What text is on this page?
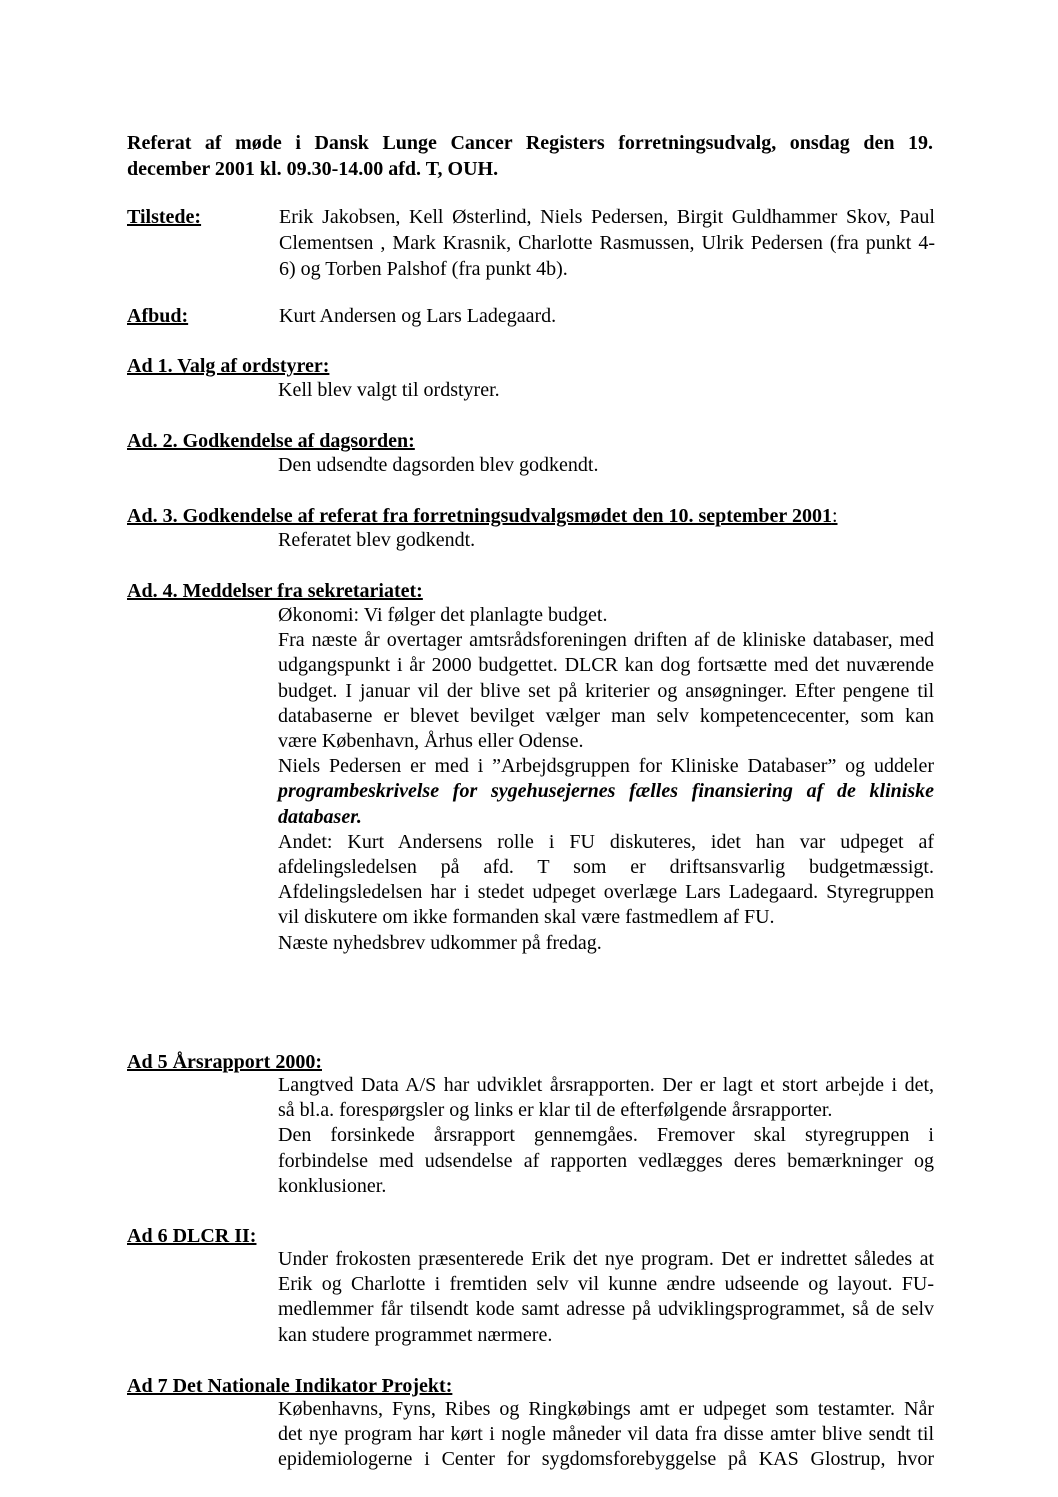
Referat af møde i Dansk Lunge Cancer Registers forretningsudvalg, onsdag den 19.
december 2001 kl. 09.30-14.00 afd. T, OUH.
Tilstede:	Erik Jakobsen, Kell Østerlind, Niels Pedersen, Birgit Guldhammer Skov, Paul
Clementsen , Mark Krasnik, Charlotte Rasmussen, Ulrik Pedersen (fra punkt 4-
6) og Torben Palshof (fra punkt 4b).
Afbud:	Kurt Andersen og Lars Ladegaard.
Ad 1. Valg af ordstyrer:
Kell blev valgt til ordstyrer.
Ad. 2. Godkendelse af dagsorden:
Den udsendte dagsorden blev godkendt.
Ad. 3. Godkendelse af referat fra forretningsudvalgsmødet den 10. september 2001:
Referatet blev godkendt.
Ad. 4. Meddelser fra sekretariatet:

Økonomi: Vi følger det planlagte budget.

Fra næste år overtager amtsrådsforeningen driften af de kliniske databaser, med
udgangspunkt i år 2000 budgettet. DLCR kan dog fortsætte med det nuværende
budget. I januar vil der blive set på kriterier og ansøgninger. Efter pengene til
databaserne er blevet bevilget vælger man selv kompetencecenter, som kan
være København, Århus eller Odense.
Niels Pedersen er med i ”Arbejdsgruppen for Kliniske Databaser” og uddeler
programbeskrivelse for sygehusejernes fælles finansiering af de kliniske
databaser.
Andet: Kurt Andersens rolle i FU diskuteres, idet han var udpeget af
afdelingsledelsen på afd. T som er driftsansvarlig budgetmæssigt.
Afdelingsledelsen har i stedet udpeget overlæge Lars Ladegaard. Styregruppen
vil diskutere om ikke formanden skal være fastmedlem af FU.

Næste nyhedsbrev udkommer på fredag.

Ad 5 Årsrapport 2000:
Langtved Data A/S har udviklet årsrapporten. Der er lagt et stort arbejde i det,
så bl.a. forespørgsler og links er klar til de efterfølgende årsrapporter.
Den forsinkede årsrapport gennemgåes. Fremover skal styregruppen i
forbindelse med udsendelse af rapporten vedlægges deres bemærkninger og
konklusioner.
Ad 6 DLCR II:
Under frokosten præsenterede Erik det nye program. Det er indrettet således at
Erik og Charlotte i fremtiden selv vil kunne ændre udseende og layout. FU-
medlemmer får tilsendt kode samt adresse på udviklingsprogrammet, så de selv
kan studere programmet nærmere.
Ad 7 Det Nationale Indikator Projekt:
Københavns, Fyns, Ribes og Ringkøbings amt er udpeget som testamter. Når
det nye program har kørt i nogle måneder vil data fra disse amter blive sendt til
epidemiologerne i Center for sygdomsforebyggelse på KAS Glostrup, hvor
